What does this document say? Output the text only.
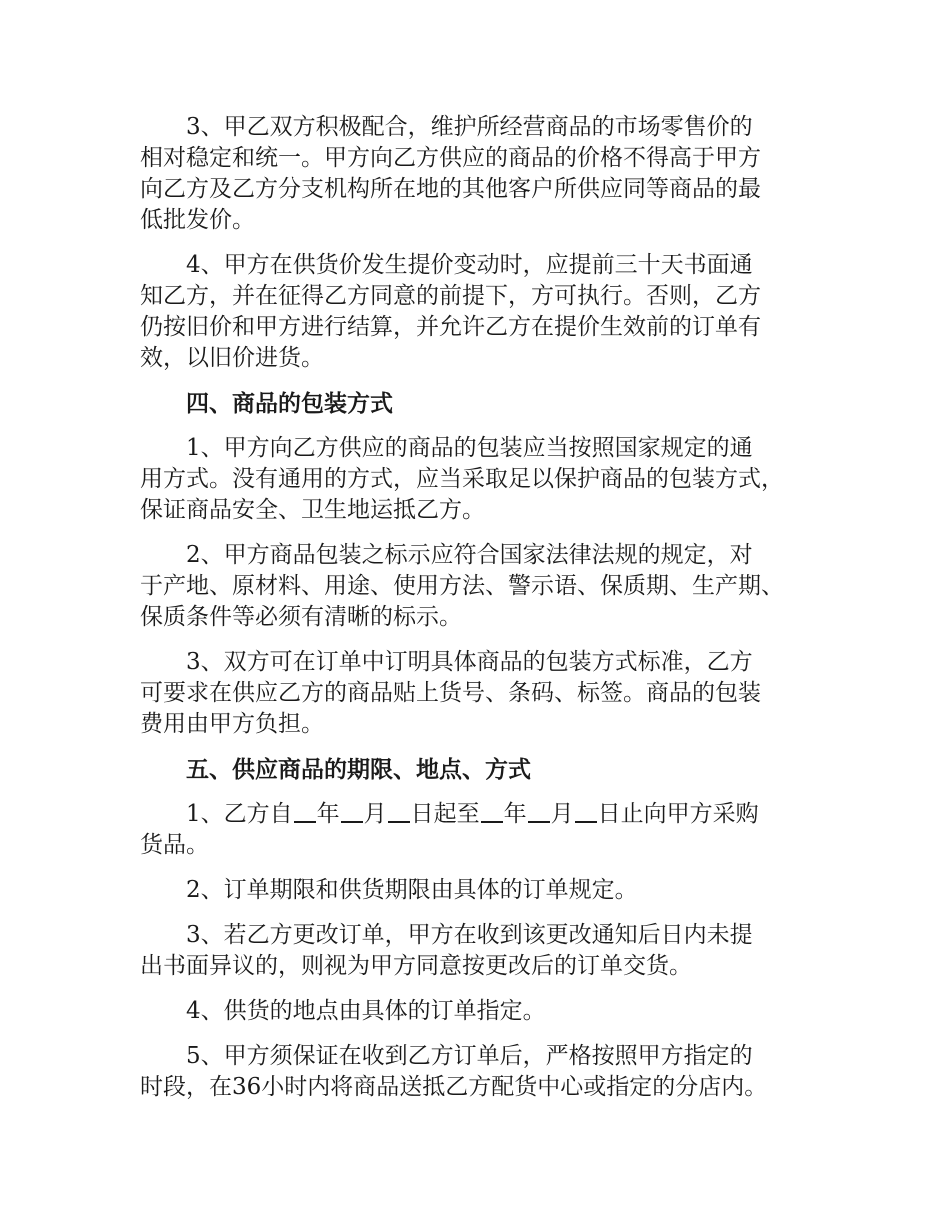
3、甲乙双方积极配合，维护所经营商品的市场零售价的
相对稳定和统一。甲方向乙方供应的商品的价格不得高于甲方
向乙方及乙方分支机构所在地的其他客户所供应同等商品的最
低批发价。
4、甲方在供货价发生提价变动时，应提前三十天书面通
知乙方，并在征得乙方同意的前提下，方可执行。否则，乙方
仍按旧价和甲方进行结算，并允许乙方在提价生效前的订单有
效，以旧价进货。
四、商品的包装方式
1、甲方向乙方供应的商品的包装应当按照国家规定的通
用方式。没有通用的方式，应当采取足以保护商品的包装方式，
保证商品安全、卫生地运抵乙方。
2、甲方商品包装之标示应符合国家法律法规的规定，对
于产地、原材料、用途、使用方法、警示语、保质期、生产期、
保质条件等必须有清晰的标示。
3、双方可在订单中订明具体商品的包装方式标准，乙方
可要求在供应乙方的商品贴上货号、条码、标签。商品的包装
费用由甲方负担。
五、供应商品的期限、地点、方式
1、乙方自 年 月 日起至 年 月 日止向甲方采购
货品。
2、订单期限和供货期限由具体的订单规定。
3、若乙方更改订单，甲方在收到该更改通知后日内未提
出书面异议的，则视为甲方同意按更改后的订单交货。
4、供货的地点由具体的订单指定。
5、甲方须保证在收到乙方订单后，严格按照甲方指定的
时段，在36小时内将商品送抵乙方配货中心或指定的分店内。
